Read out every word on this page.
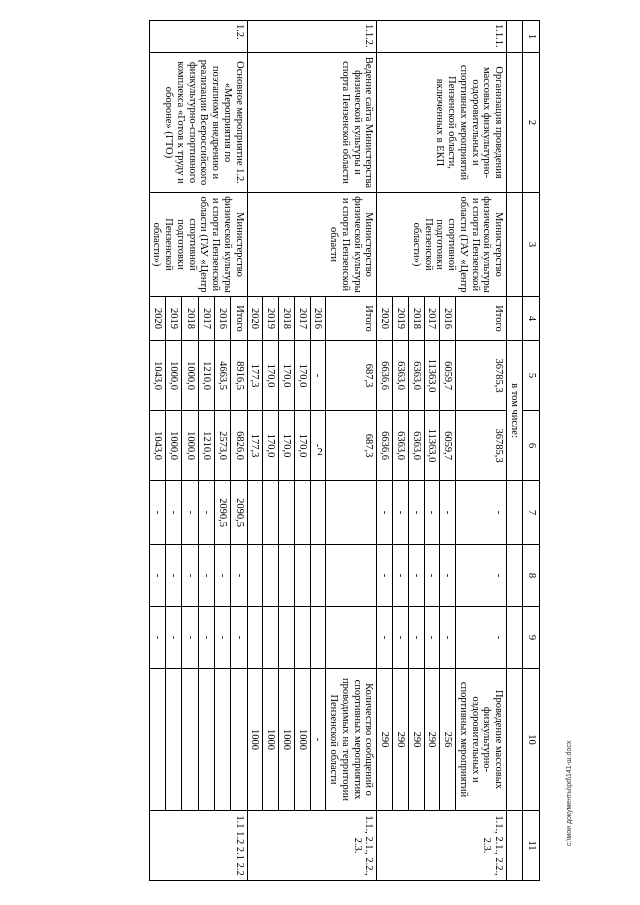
2
1	2	3	4	5	6	7	8	9	10	11
				в том числе:						
1.1.1.	Организация проведения массовых физкультурно-оздоровительных и спортивных мероприятий Пензенской области, включенных в ЕКП	Министерство физической культуры и спорта Пензенской области (ГАУ «Центр спортивной подготовки Пензенской области»)	Итого	36785,3	36785,3	-	-	-	Проведение массовых физкультурно-оздоровительных и спортивных мероприятий	1.1., 2.1., 2.2., 2.3.
			2016	6059,7	6059,7	-	-	-	256	
			2017	11363,0	11363,0	-	-	-	290	
			2018	6363,0	6363,0	-	-	-	290	
			2019	6363,0	6363,0	-	-	-	290	
			2020	6636,6	6636,6	-	-	-	290	
1.1.2.	Ведение сайта Министерства физической культуры и спорта Пензенской области	Министерство физической культуры и спорта Пензенской области	Итого	687,3	687,3				Количество сообщений о спортивных мероприятиях проводимых на территории Пензенской области	1.1., 2.1., 2.2., 2.3.
			2016	-	-				-	
			2017	170,0	170,0				1000	
			2018	170,0	170,0				1000	
			2019	170,0	170,0				1000	
			2020	177,3	177,3				1000	
1.2.	Основное мероприятие 1.2. «Мероприятия по поэтапному внедрению и реализации Всероссийского физкультурно-спортивного комплекса «Готов к труду и обороне» (ГТО)	Министерство физической культуры и спорта Пензенской области (ГАУ «Центр спортивной подготовки Пензенской области»)	Итого	8916,5	6826,0	2090,5	-	-		1.1 1.2 2.1 2.2
			2016	4663,5	2573,0	2090,5	-	-		
			2017	1210,0	1210,0	-	-	-		
			2018	1000,0	1000,0	-	-	-		
			2019	1000,0	1000,0	-	-	-		
			2020	1043,0	1043,0	-	-	-		
c:\мои документы\pd\141-ш.docx
